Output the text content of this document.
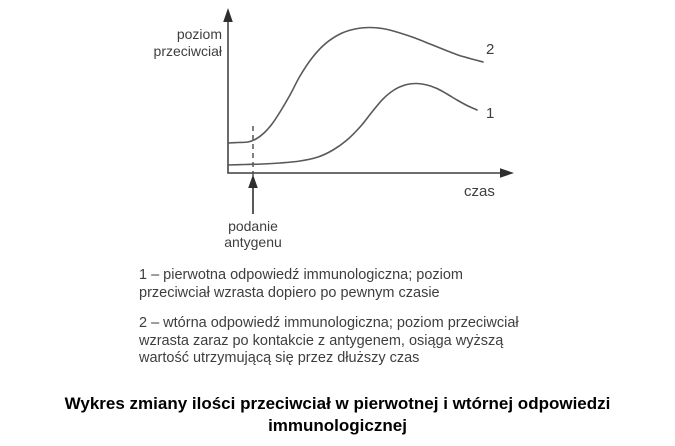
poziom przeciwciał
czas
2
1
podanie antygenu

1 – pierwotna odpowiedź immunologiczna; poziom przeciwciał wzrasta dopiero po pewnym czasie

2 – wtórna odpowiedź immunologiczna; poziom przeciwciał wzrasta zaraz po kontakcie z antygenem, osiąga wyższą wartość utrzymującą się przez dłuższy czas

Wykres zmiany ilości przeciwciał w pierwotnej i wtórnej odpowiedzi immunologicznej
